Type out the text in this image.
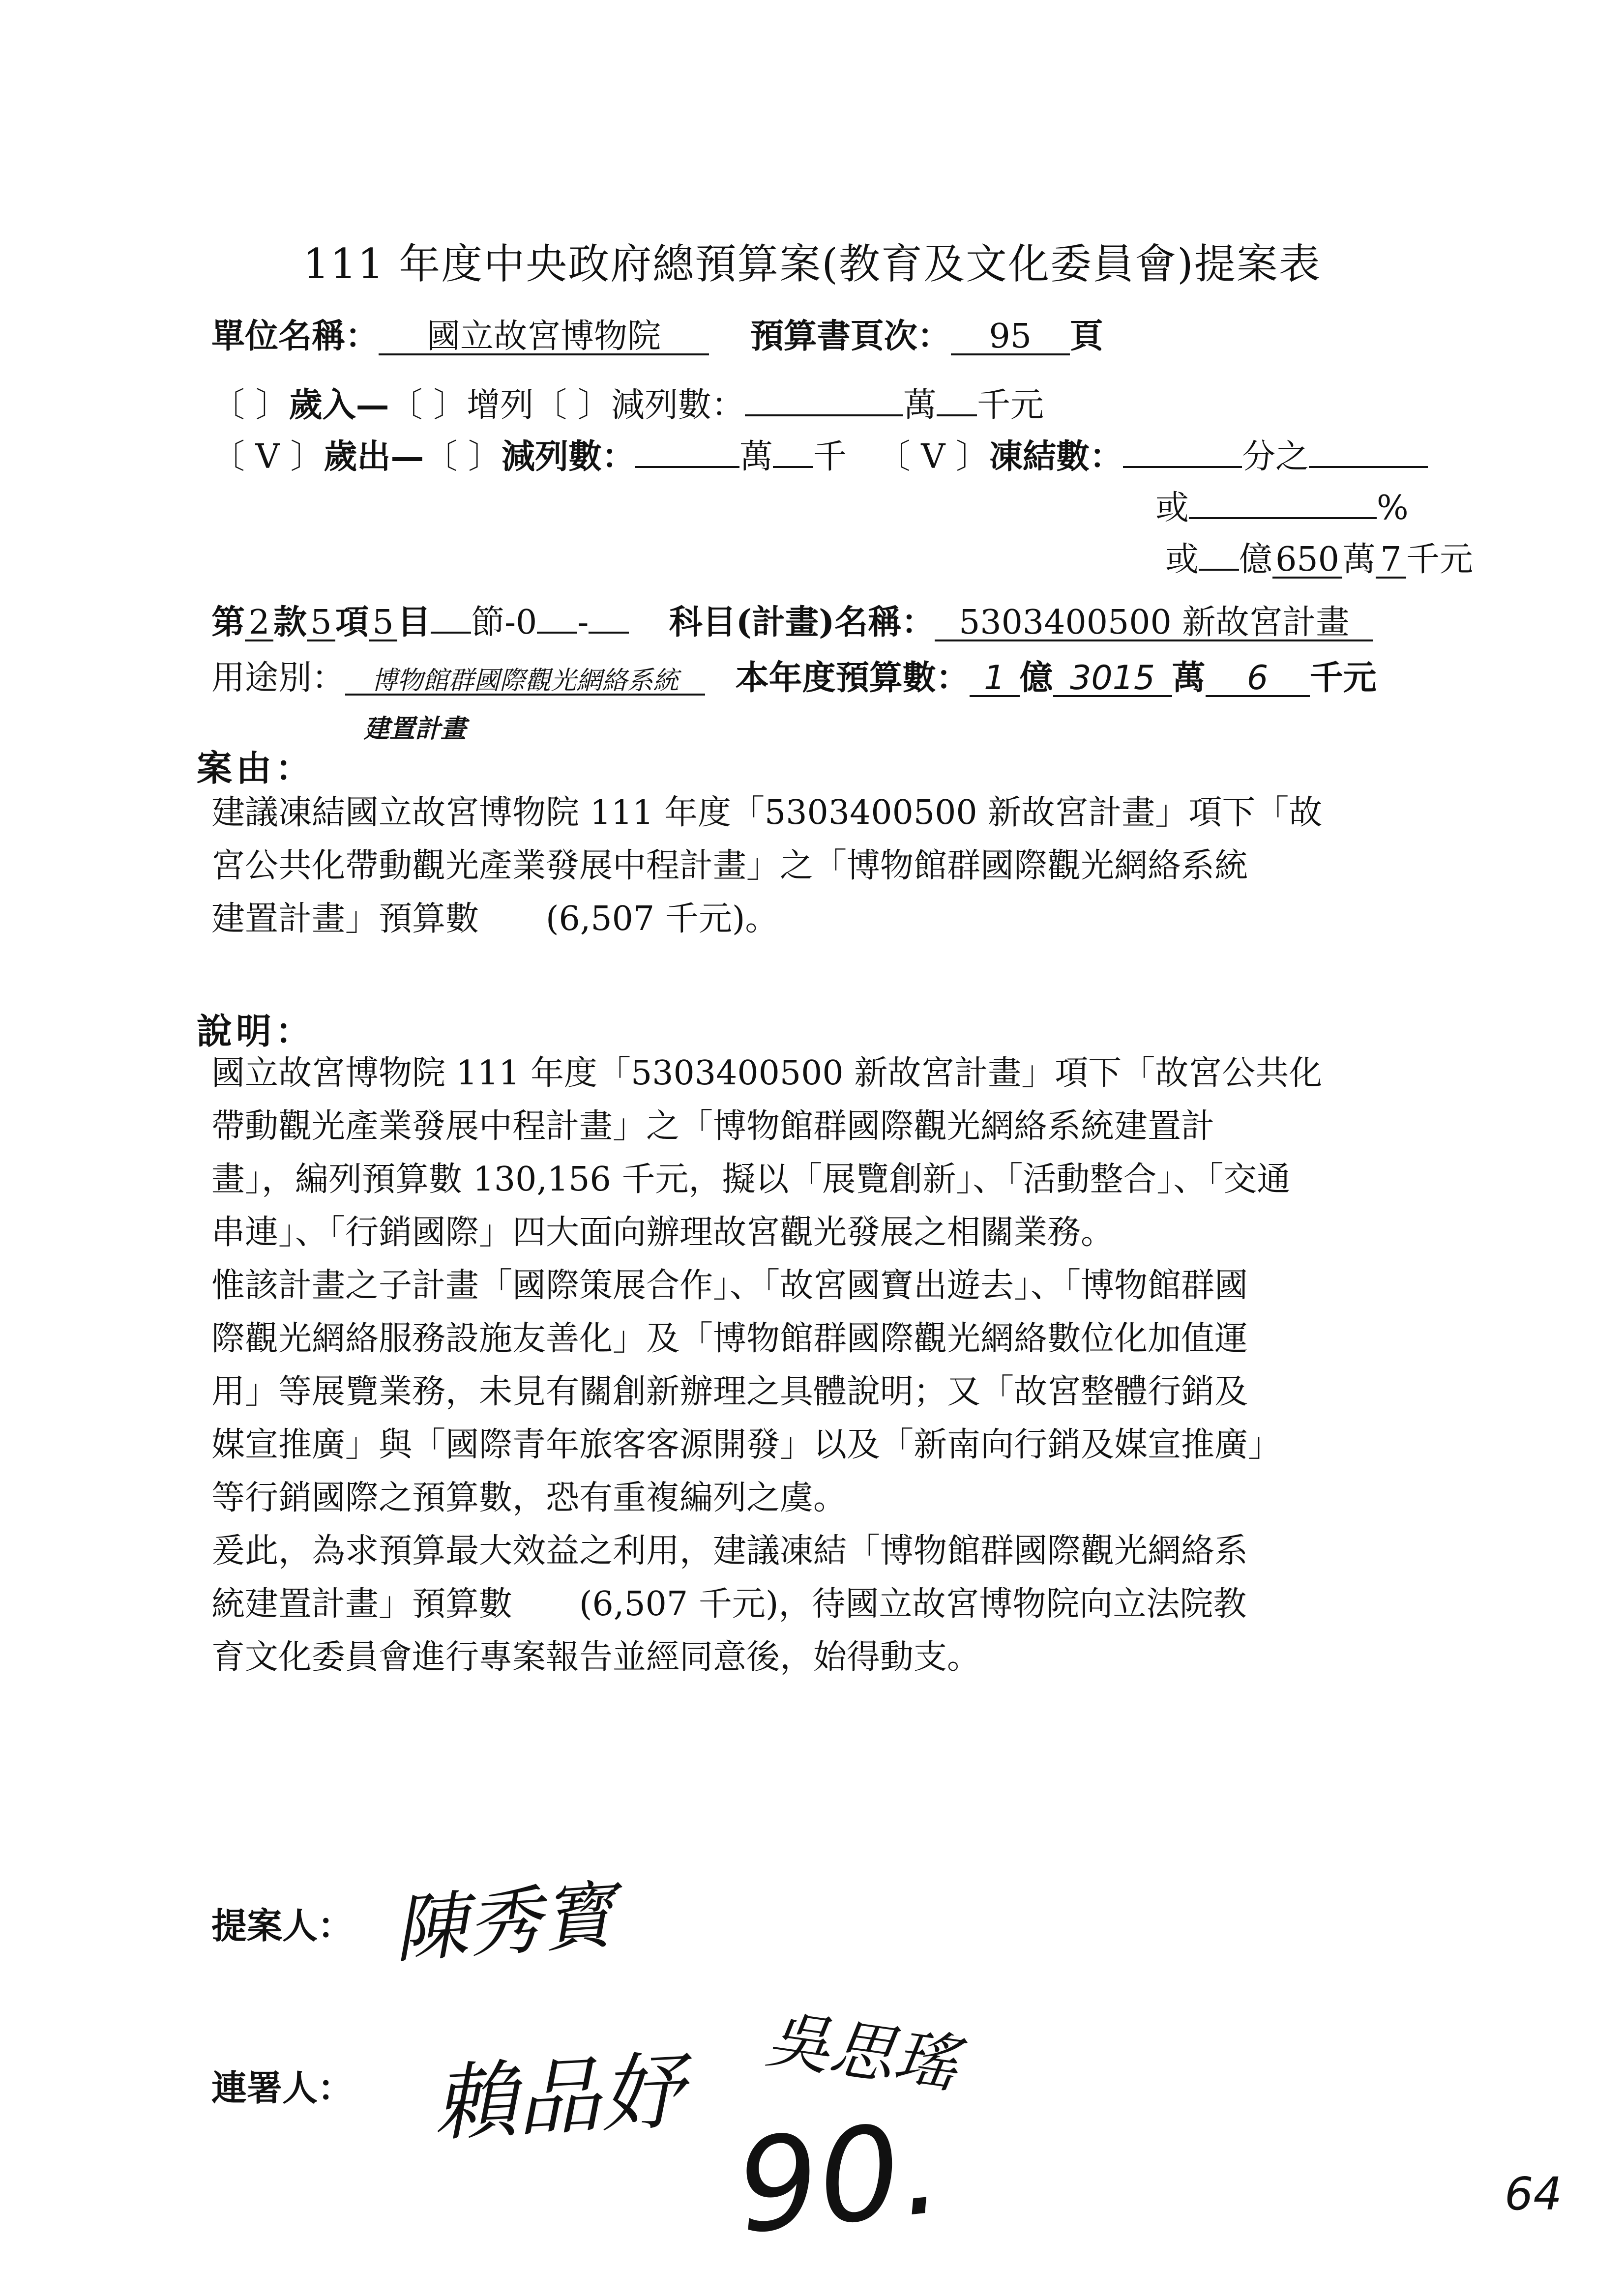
111 年度中央政府總預算案(教育及文化委員會)提案表
單位名稱： 國立故宮博物院	預算書頁次： 95 頁
〔 〕歲入—〔 〕增列〔 〕減列數：	萬 千元
〔 V 〕歲出—〔 〕減列數：	萬 千 〔 V 〕凍結數：	分之
或	%
或 億650萬 7 千元
第 2 款 5 項 5 目 節-0 - 科目(計畫)名稱： 5303400500 新故宮計畫
用途別： 博物館群國際觀光網絡系統 本年度預算數： 1 億 3015 萬 6 千元
建置計畫
案由：

建議凍結國立故宮博物院 111 年度「5303400500 新故宮計畫」項下「故

宮公共化帶動觀光產業發展中程計畫」之「博物館群國際觀光網絡系統

建置計畫」預算數　　(6,507 千元)。

說明：

國立故宮博物院 111 年度「5303400500 新故宮計畫」項下「故宮公共化

帶動觀光產業發展中程計畫」之「博物館群國際觀光網絡系統建置計

畫」，編列預算數 130,156 千元，擬以「展覽創新」、「活動整合」、「交通

串連」、「行銷國際」四大面向辦理故宮觀光發展之相關業務。

惟該計畫之子計畫「國際策展合作」、「故宮國寶出遊去」、「博物館群國

際觀光網絡服務設施友善化」及「博物館群國際觀光網絡數位化加值運

用」等展覽業務，未見有關創新辦理之具體說明；又「故宮整體行銷及

媒宣推廣」與「國際青年旅客客源開發」以及「新南向行銷及媒宣推廣」

等行銷國際之預算數，恐有重複編列之虞。

爰此，為求預算最大效益之利用，建議凍結「博物館群國際觀光網絡系

統建置計畫」預算數　　(6,507 千元)，待國立故宮博物院向立法院教

育文化委員會進行專案報告並經同意後，始得動支。

提案人： 陳秀寳
連署人： 賴品妤 吳思瑤
90.	64
